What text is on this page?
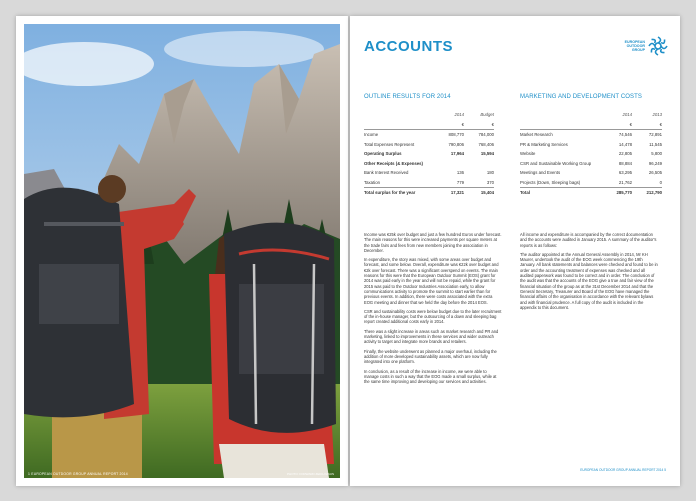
1 EUROPEAN OUTDOOR GROUP ANNUAL REPORT 2014	PHOTO: FORWARD ZEICH MAUS
ACCOUNTS	EUROPEAN
OUTDOOR
GROUP
OUTLINE RESULTS FOR 2014
	2014	Budget
	€	€
Income	808,770	784,000
Total Expenses Represent	790,806	768,406
Operating Surplus	17,964	15,594
Other Receipts (& Expenses)		
Bank Interest Received	136	180
Taxation	779	370
Total surplus for the year	17,321	15,404
MARKETING AND DEVELOPMENT COSTS
	2014	2013
	€	€
Market Research	74,546	72,891
PR & Marketing Services	14,478	11,545
Website	22,805	5,800
CSR and Sustainable Working Group	88,884	96,249
Meetings and Events	63,295	26,505
Projects (Down, Sleeping bags)	21,762	0
Total	285,770	212,790

Income was €25k over budget and just a few hundred Euros under forecast. The main reasons for this were increased payments per square meters at the trade fairs and fees from new members joining the association in December.

In expenditure, the story was mixed, with some areas over budget and forecast, and some below. Overall, expenditure was €22k over budget and €2k over forecast. There was a significant overspend on events. The main reasons for this were that the European Outdoor Summit (EOS) grant for 2014 was paid early in the year and will not be repaid, while the grant for 2015 was paid to the Outdoor Industries Association early, to allow communications activity to promote the summit to start earlier than for previous events. In addition, there were costs associated with the extra EOG meeting and dinner that we held the day before the 2014 EOS.

CSR and sustainability costs were below budget due to the later recruitment of the in-house manager, but the outsourcing of a down and sleeping bag report created additional costs early in 2014.

There was a slight increase in areas such as market research and PR and marketing, linked to improvements in these services and wider outreach activity to target and integrate more brands and retailers.

Finally, the website underwent as planned a major overhaul, including the addition of more developed sustainability assets, which are now fully integrated into one platform.

In conclusion, as a result of the increase in income, we were able to manage costs in such a way that the EOG made a small surplus, while at the same time improving and developing our services and activities.

All income and expenditure is accompanied by the correct documentation and the accounts were audited in January 2015. A summary of the auditor's reports is as follows:

The auditor appointed at the Annual General Assembly in 2014, Mr KH Maurer, undertook the audit of the EOG week commencing the 19th January. All bank statements and balances were checked and found to be in order and the accounting treatment of expenses was checked and all audited paperwork was found to be correct and in order. The conclusion of the audit was that the accounts of the EOG give a true and fair view of the financial situation of the group as at the 31st December 2014 and that the General Secretary, Treasurer and Board of the EOG have managed the financial affairs of the organisation in accordance with the relevant bylaws and with financial prudence. A full copy of the audit is included in the appendix to this document.

EUROPEAN OUTDOOR GROUP ANNUAL REPORT 2014 5
